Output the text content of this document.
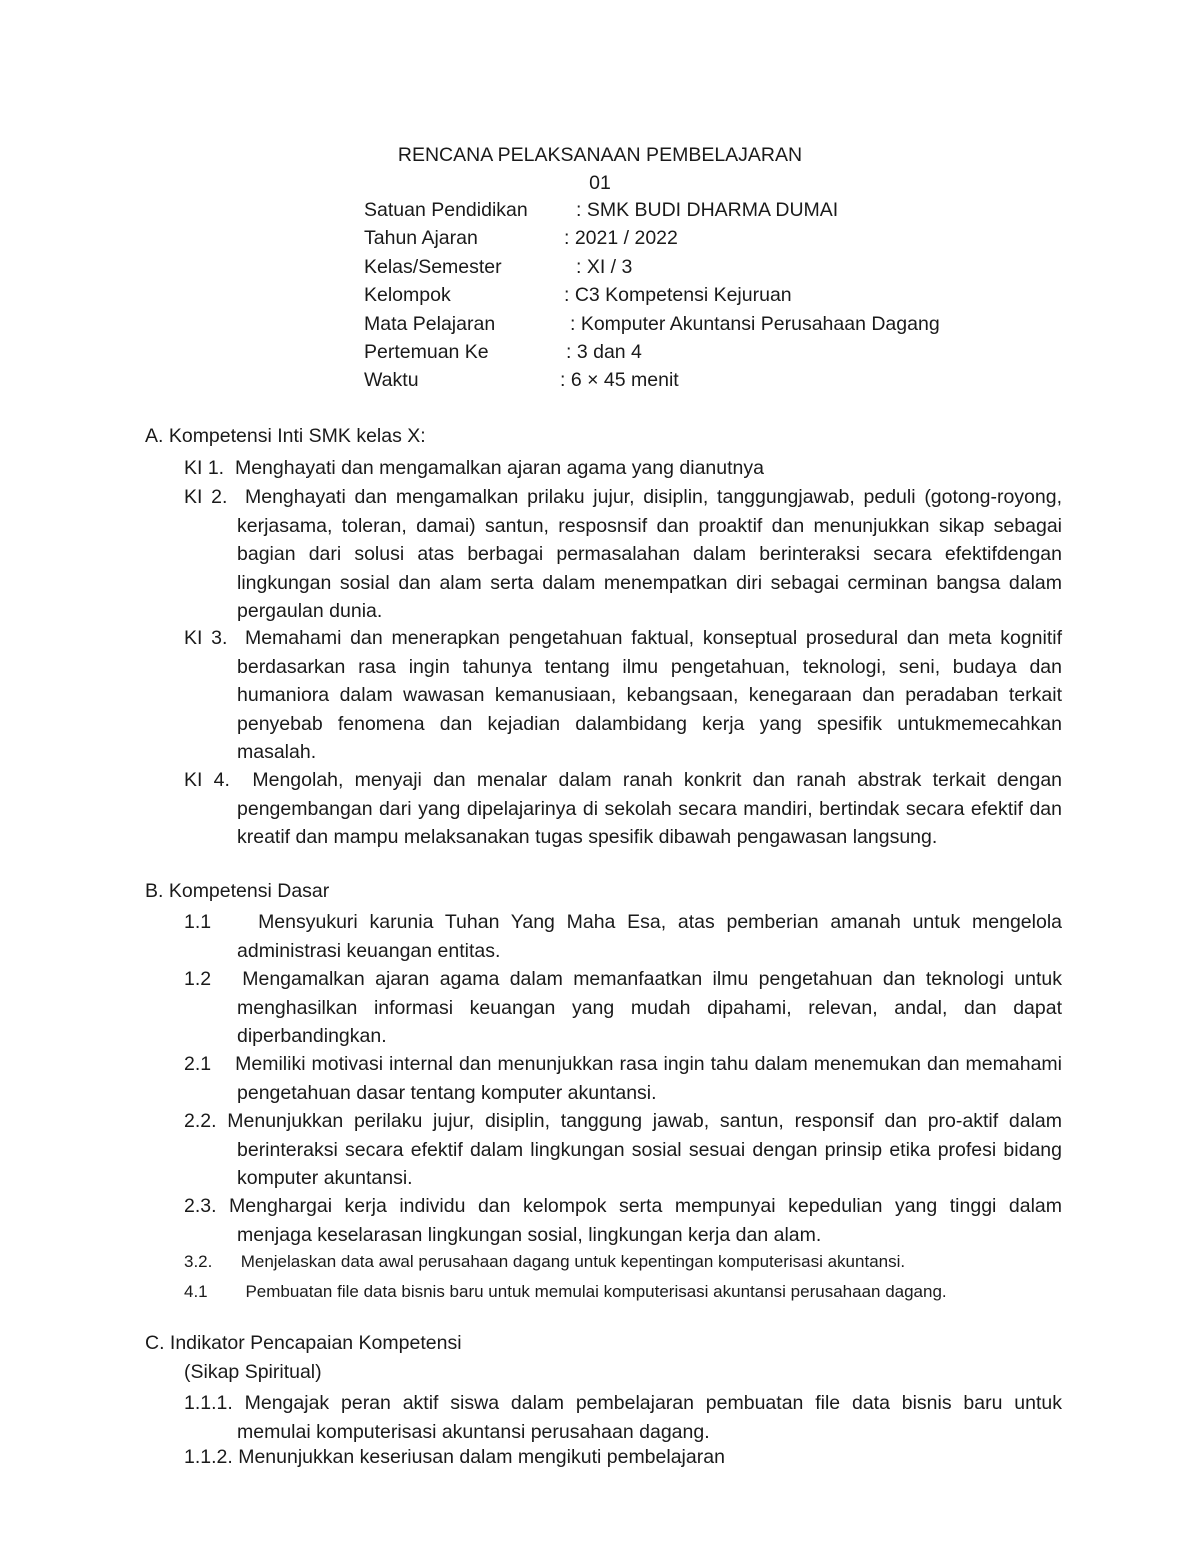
RENCANA PELAKSANAAN PEMBELAJARAN
01
Satuan Pendidikan : SMK BUDI DHARMA DUMAI
Tahun Ajaran	: 2021 / 2022
Kelas/Semester	: XI / 3
Kelompok	: C3 Kompetensi Kejuruan
Mata Pelajaran	: Komputer Akuntansi Perusahaan Dagang
Pertemuan Ke	: 3 dan 4
Waktu	: 6 × 45 menit
A. Kompetensi Inti SMK kelas X:
KI 1. Menghayati dan mengamalkan ajaran agama yang dianutnya
KI 2. Menghayati dan mengamalkan prilaku jujur, disiplin, tanggungjawab, peduli (gotong-royong, kerjasama, toleran, damai) santun, resposnsif dan proaktif dan menunjukkan sikap sebagai bagian dari solusi atas berbagai permasalahan dalam berinteraksi secara efektifdengan lingkungan sosial dan alam serta dalam menempatkan diri sebagai cerminan bangsa dalam pergaulan dunia.
KI 3. Memahami dan menerapkan pengetahuan faktual, konseptual prosedural dan meta kognitif berdasarkan rasa ingin tahunya tentang ilmu pengetahuan, teknologi, seni, budaya dan humaniora dalam wawasan kemanusiaan, kebangsaan, kenegaraan dan peradaban terkait penyebab fenomena dan kejadian dalambidang kerja yang spesifik untukmemecahkan masalah.
KI 4. Mengolah, menyaji dan menalar dalam ranah konkrit dan ranah abstrak terkait dengan pengembangan dari yang dipelajarinya di sekolah secara mandiri, bertindak secara efektif dan kreatif dan mampu melaksanakan tugas spesifik dibawah pengawasan langsung.
B. Kompetensi Dasar
1.1 Mensyukuri karunia Tuhan Yang Maha Esa, atas pemberian amanah untuk mengelola administrasi keuangan entitas.
1.2 Mengamalkan ajaran agama dalam memanfaatkan ilmu pengetahuan dan teknologi untuk menghasilkan informasi keuangan yang mudah dipahami, relevan, andal, dan dapat diperbandingkan.
2.1 Memiliki motivasi internal dan menunjukkan rasa ingin tahu dalam menemukan dan memahami pengetahuan dasar tentang komputer akuntansi.
2.2. Menunjukkan perilaku jujur, disiplin, tanggung jawab, santun, responsif dan pro-aktif dalam berinteraksi secara efektif dalam lingkungan sosial sesuai dengan prinsip etika profesi bidang komputer akuntansi.
2.3. Menghargai kerja individu dan kelompok serta mempunyai kepedulian yang tinggi dalam menjaga keselarasan lingkungan sosial, lingkungan kerja dan alam.
3.2. Menjelaskan data awal perusahaan dagang untuk kepentingan komputerisasi akuntansi.
4.1 Pembuatan file data bisnis baru untuk memulai komputerisasi akuntansi perusahaan dagang.
C. Indikator Pencapaian Kompetensi
(Sikap Spiritual)
1.1.1. Mengajak peran aktif siswa dalam pembelajaran pembuatan file data bisnis baru untuk memulai komputerisasi akuntansi perusahaan dagang.
1.1.2. Menunjukkan keseriusan dalam mengikuti pembelajaran
